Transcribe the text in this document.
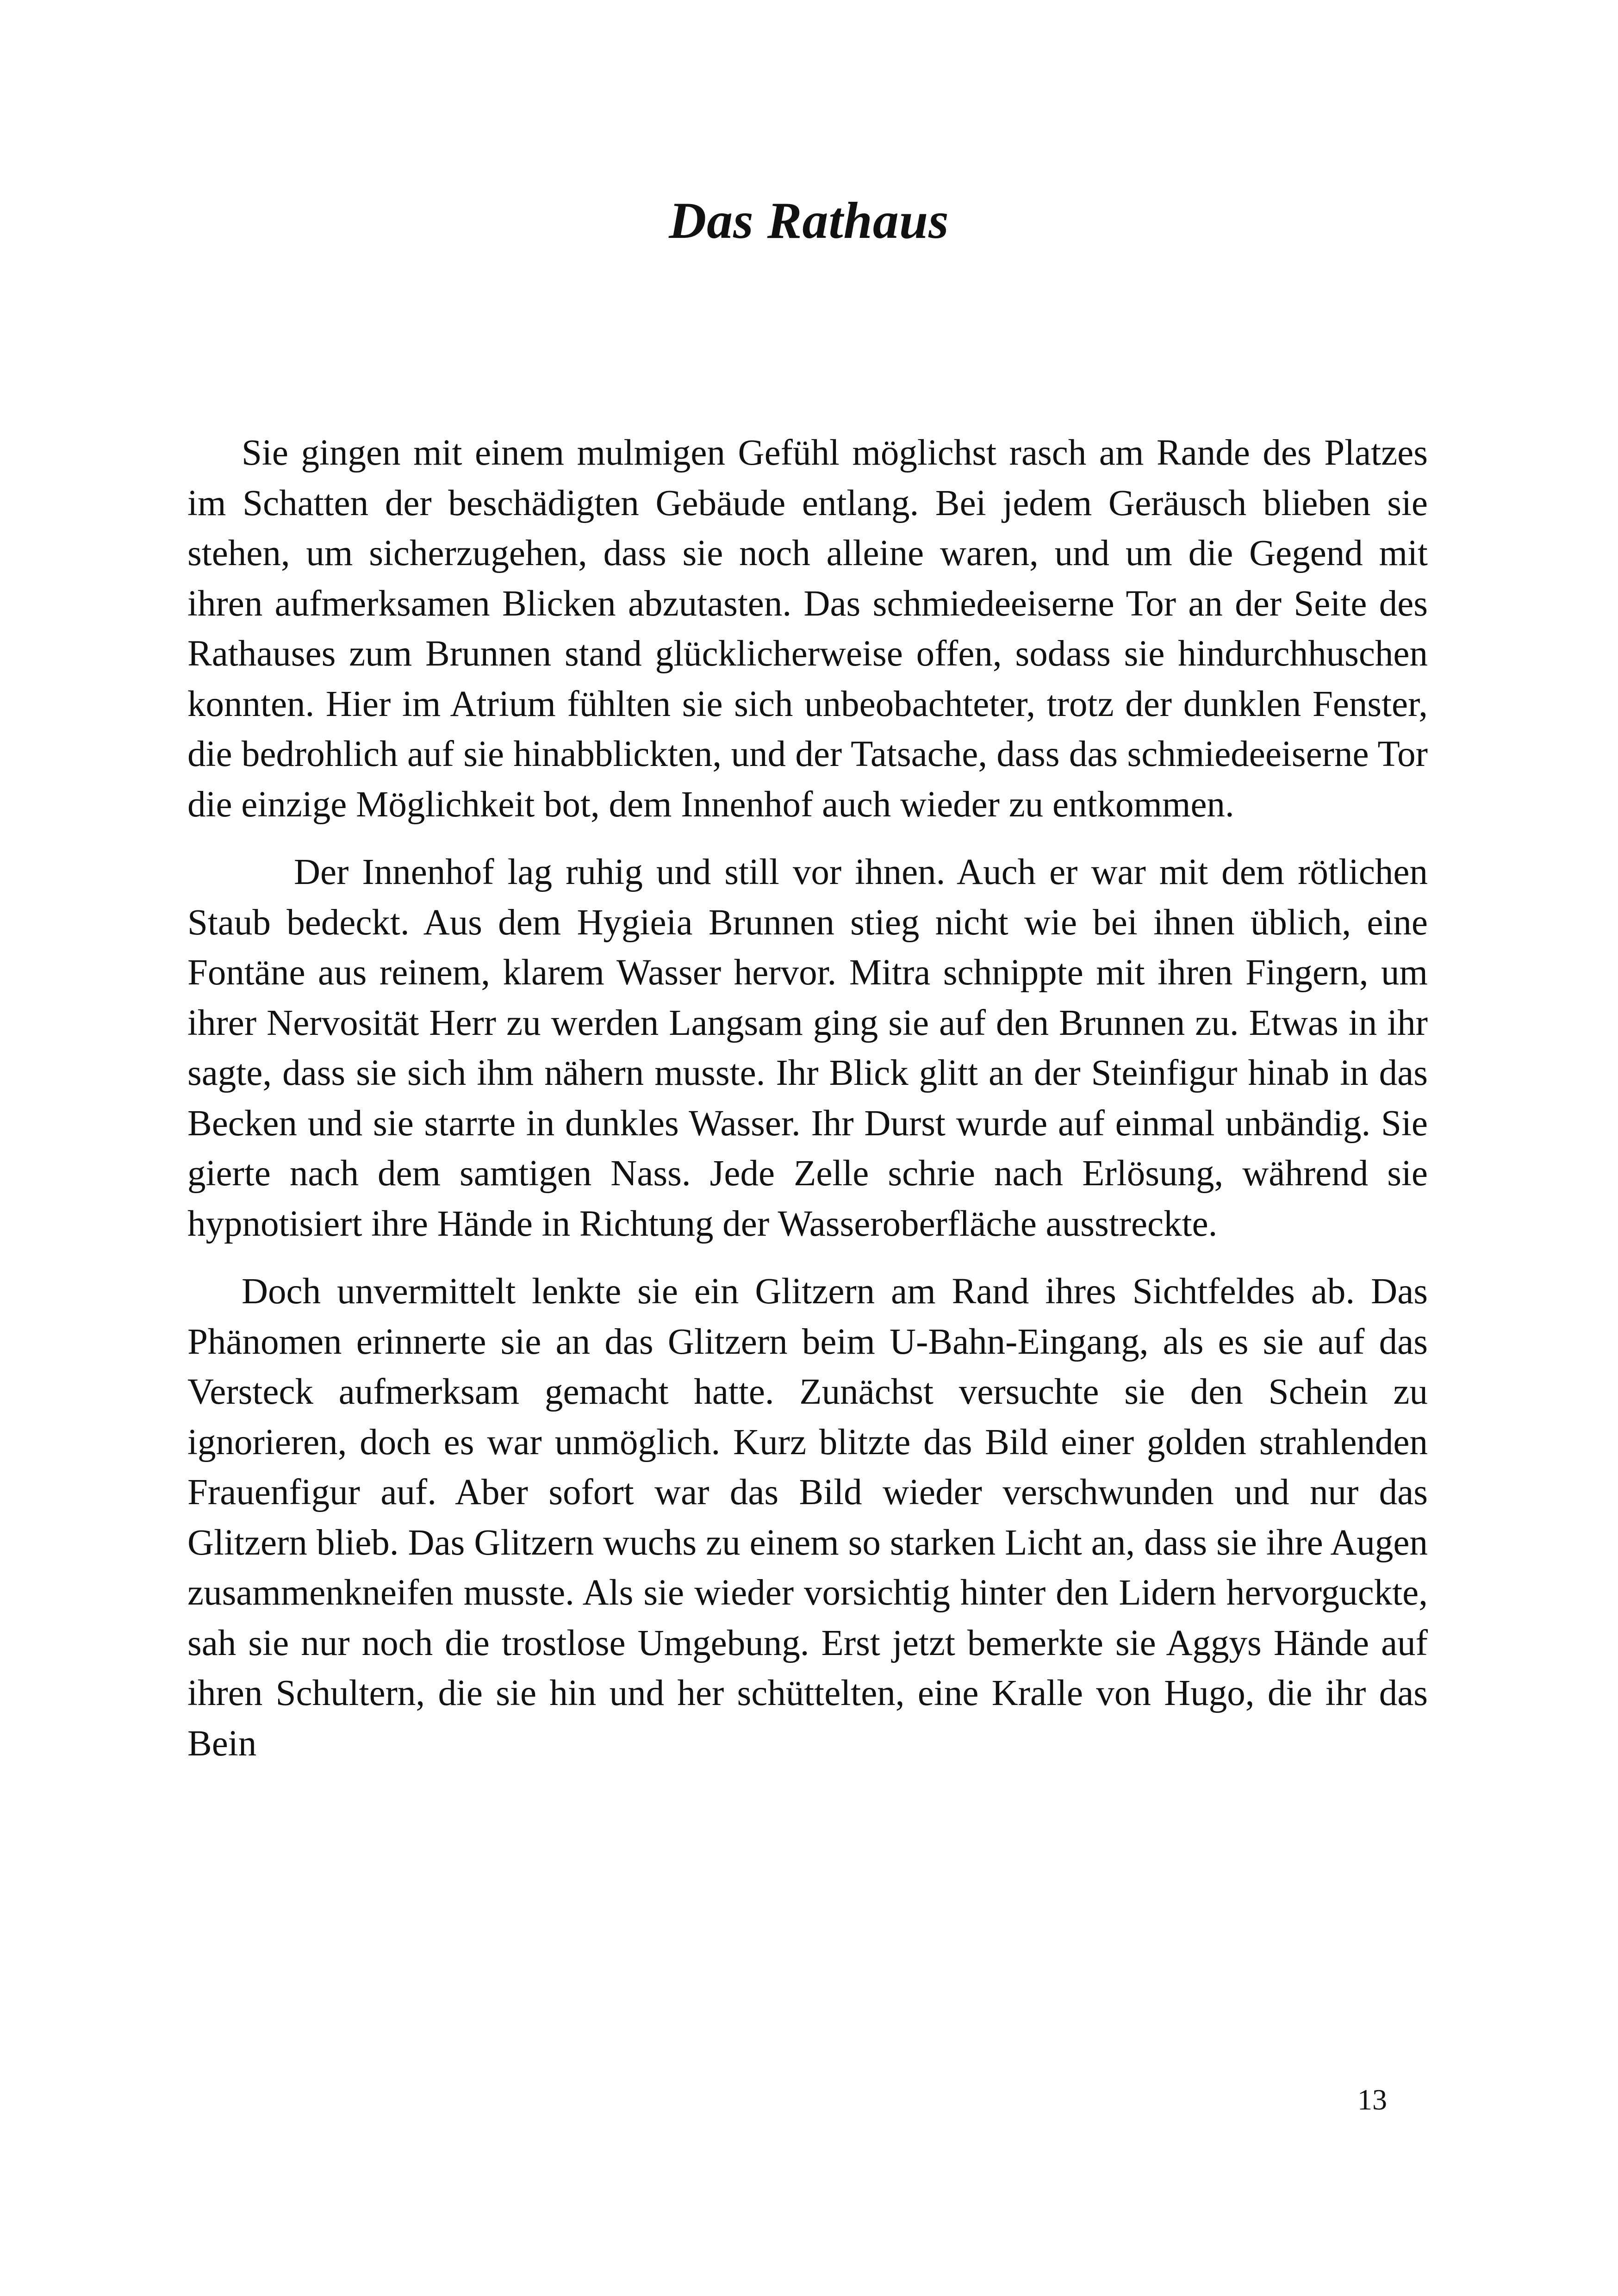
Das Rathaus

Sie gingen mit einem mulmigen Gefühl möglichst rasch am Rande des Platzes im Schatten der beschädigten Gebäude entlang. Bei jedem Geräusch blieben sie stehen, um sicherzugehen, dass sie noch alleine waren, und um die Gegend mit ihren aufmerksamen Blicken abzutasten. Das schmiedeeiserne Tor an der Seite des Rathauses zum Brunnen stand glücklicherweise offen, sodass sie hindurchhuschen konnten. Hier im Atrium fühlten sie sich unbeobachteter, trotz der dunklen Fenster, die bedrohlich auf sie hinabblickten, und der Tatsache, dass das schmiedeeiserne Tor die einzige Möglichkeit bot, dem Innenhof auch wieder zu entkommen.

Der Innenhof lag ruhig und still vor ihnen. Auch er war mit dem rötlichen Staub bedeckt. Aus dem Hygieia Brunnen stieg nicht wie bei ihnen üblich, eine Fontäne aus reinem, klarem Wasser hervor. Mitra schnippte mit ihren Fingern, um ihrer Nervosität Herr zu werden Langsam ging sie auf den Brunnen zu. Etwas in ihr sagte, dass sie sich ihm nähern musste. Ihr Blick glitt an der Steinfigur hinab in das Becken und sie starrte in dunkles Wasser. Ihr Durst wurde auf einmal unbändig. Sie gierte nach dem samtigen Nass. Jede Zelle schrie nach Erlösung, während sie hypnotisiert ihre Hände in Richtung der Wasseroberfläche ausstreckte.

Doch unvermittelt lenkte sie ein Glitzern am Rand ihres Sichtfeldes ab. Das Phänomen erinnerte sie an das Glitzern beim U-Bahn-Eingang, als es sie auf das Versteck aufmerksam gemacht hatte. Zunächst versuchte sie den Schein zu ignorieren, doch es war unmöglich. Kurz blitzte das Bild einer golden strahlenden Frauenfigur auf. Aber sofort war das Bild wieder verschwunden und nur das Glitzern blieb. Das Glitzern wuchs zu einem so starken Licht an, dass sie ihre Augen zusammenkneifen musste. Als sie wieder vorsichtig hinter den Lidern hervorguckte, sah sie nur noch die trostlose Umgebung. Erst jetzt bemerkte sie Aggys Hände auf ihren Schultern, die sie hin und her schüttelten, eine Kralle von Hugo, die ihr das Bein

13
